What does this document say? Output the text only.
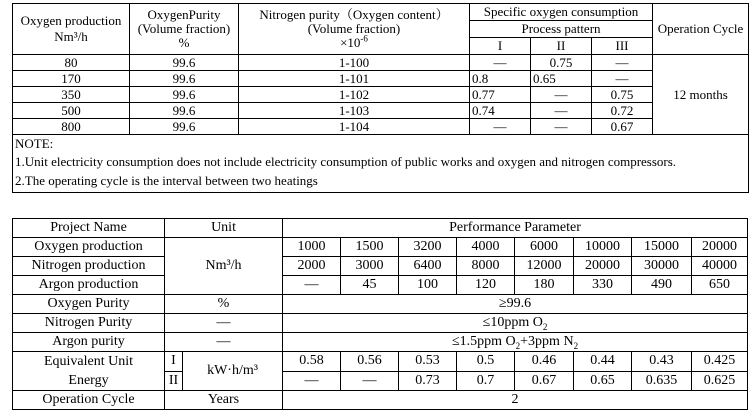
Oxygen production
Nm³/h	OxygenPurity
(Volume fraction)
%	Nitrogen purity（Oxygen content）
(Volume fraction)
$\times 10^{-6}$	Specific oxygen consumption			Operation Cycle
			Process pattern			
			I	II	III	
80	99.6	1-100	—	0.75	—	12 months
170	99.6	1-101	0.8	0.65	—	
350	99.6	1-102	0.77	—	0.75	
500	99.6	1-103	0.74	—	0.72	
800	99.6	1-104	—	—	0.67	

NOTE:
1.Unit electricity consumption does not include electricity consumption of public works and oxygen and nitrogen compressors.
2.The operating cycle is the interval between two heatings						
Project Name	Unit		Performance Parameter							
Oxygen production	Nm³/h		1000	1500	3200	4000	6000	10000	15000	20000
Nitrogen production			2000	3000	6400	8000	12000	20000	30000	40000
Argon production			—	45	100	120	180	330	490	650
Oxygen Purity	%		≥99.6							
Nitrogen Purity	—		≤10ppm $O_2$
Argon purity	—		≤1.5ppm $O_2+3ppm$ $N_2$
Equivalent Unit
Energy	I	kW·h/m³	0.58	0.56	0.53	0.5	0.46	0.44	0.43	0.425
	II		—	—	0.73	0.7	0.67	0.65	0.635	0.625
Operation Cycle	Years		2							
